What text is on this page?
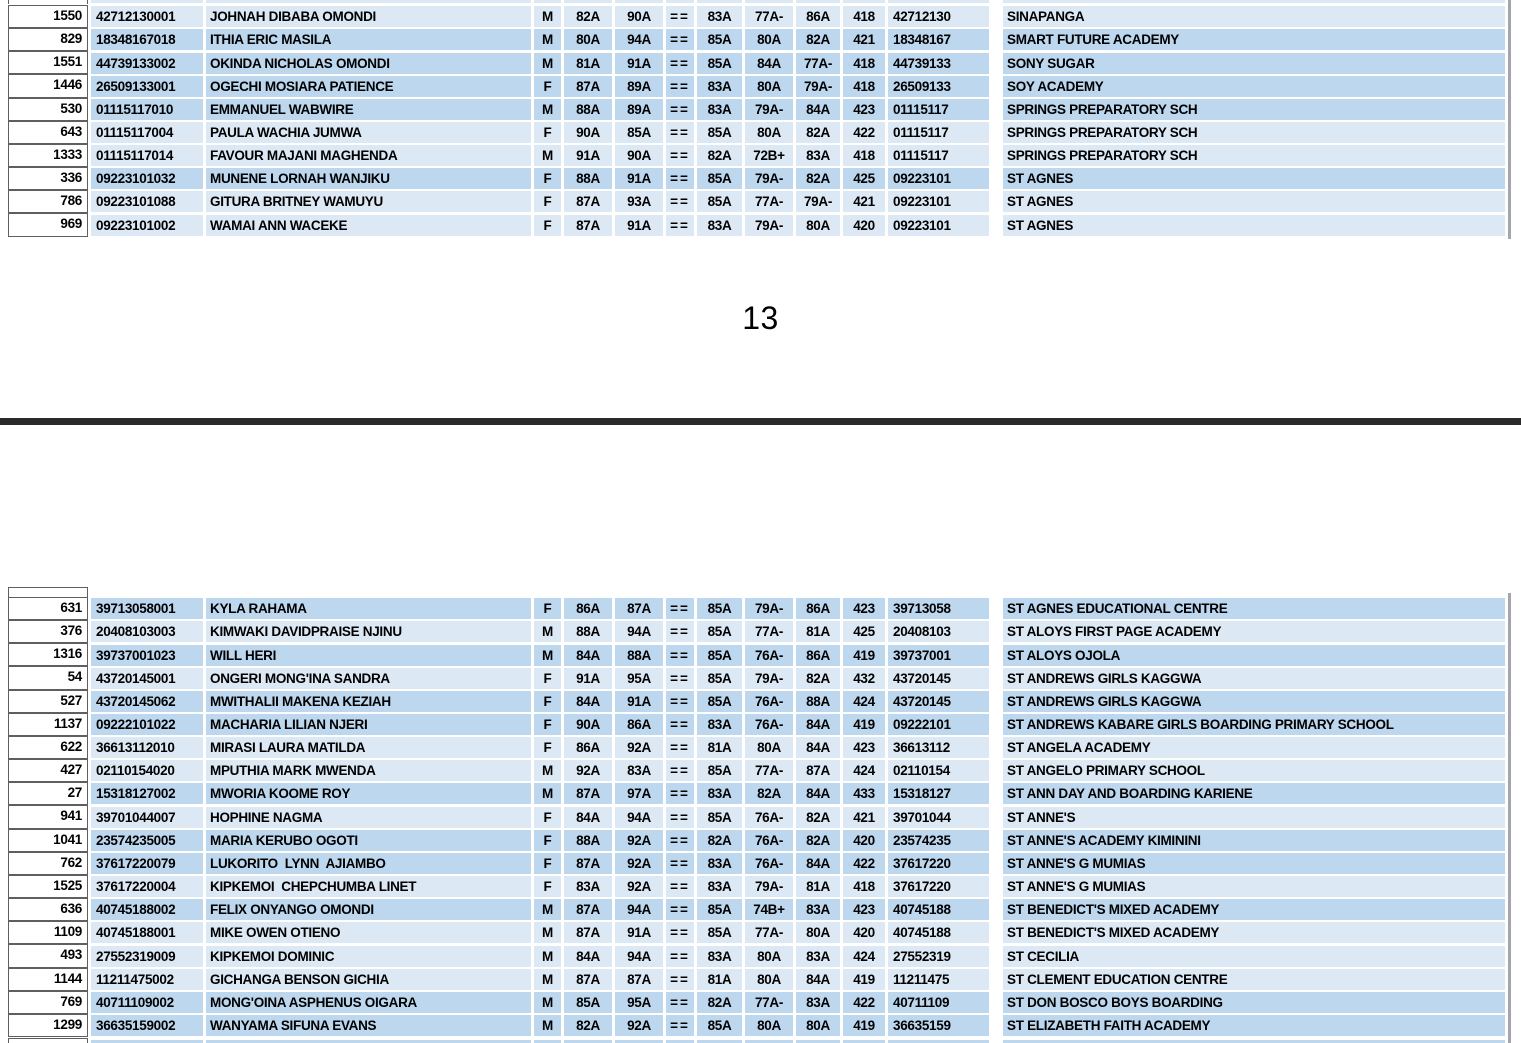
1550	42712130001	JOHNAH DIBABA OMONDI	M	82A	90A	==	83A	77A-	86A	418	42712130	SINAPANGA
829	18348167018	ITHIA ERIC MASILA	M	80A	94A	==	85A	80A	82A	421	18348167	SMART FUTURE ACADEMY
1551	44739133002	OKINDA NICHOLAS OMONDI	M	81A	91A	==	85A	84A	77A-	418	44739133	SONY SUGAR
1446	26509133001	OGECHI MOSIARA PATIENCE	F	87A	89A	==	83A	80A	79A-	418	26509133	SOY ACADEMY
530	01115117010	EMMANUEL WABWIRE	M	88A	89A	==	83A	79A-	84A	423	01115117	SPRINGS PREPARATORY SCH
643	01115117004	PAULA WACHIA JUMWA	F	90A	85A	==	85A	80A	82A	422	01115117	SPRINGS PREPARATORY SCH
1333	01115117014	FAVOUR MAJANI MAGHENDA	M	91A	90A	==	82A	72B+	83A	418	01115117	SPRINGS PREPARATORY SCH
336	09223101032	MUNENE LORNAH WANJIKU	F	88A	91A	==	85A	79A-	82A	425	09223101	ST AGNES
786	09223101088	GITURA BRITNEY WAMUYU	F	87A	93A	==	85A	77A-	79A-	421	09223101	ST AGNES
969	09223101002	WAMAI ANN WACEKE	F	87A	91A	==	83A	79A-	80A	420	09223101	ST AGNES
13
631	39713058001	KYLA RAHAMA	F	86A	87A	==	85A	79A-	86A	423	39713058	ST AGNES EDUCATIONAL CENTRE
376	20408103003	KIMWAKI DAVIDPRAISE NJINU	M	88A	94A	==	85A	77A-	81A	425	20408103	ST ALOYS FIRST PAGE ACADEMY
1316	39737001023	WILL HERI	M	84A	88A	==	85A	76A-	86A	419	39737001	ST ALOYS OJOLA
54	43720145001	ONGERI MONG'INA SANDRA	F	91A	95A	==	85A	79A-	82A	432	43720145	ST ANDREWS GIRLS KAGGWA
527	43720145062	MWITHALII MAKENA KEZIAH	F	84A	91A	==	85A	76A-	88A	424	43720145	ST ANDREWS GIRLS KAGGWA
1137	09222101022	MACHARIA LILIAN NJERI	F	90A	86A	==	83A	76A-	84A	419	09222101	ST ANDREWS KABARE GIRLS BOARDING PRIMARY SCHOOL
622	36613112010	MIRASI LAURA MATILDA	F	86A	92A	==	81A	80A	84A	423	36613112	ST ANGELA ACADEMY
427	02110154020	MPUTHIA MARK MWENDA	M	92A	83A	==	85A	77A-	87A	424	02110154	ST ANGELO PRIMARY SCHOOL
27	15318127002	MWORIA KOOME ROY	M	87A	97A	==	83A	82A	84A	433	15318127	ST ANN DAY AND BOARDING KARIENE
941	39701044007	HOPHINE NAGMA	F	84A	94A	==	85A	76A-	82A	421	39701044	ST ANNE'S
1041	23574235005	MARIA KERUBO OGOTI	F	88A	92A	==	82A	76A-	82A	420	23574235	ST ANNE'S ACADEMY KIMININI
762	37617220079	LUKORITO  LYNN  AJIAMBO	F	87A	92A	==	83A	76A-	84A	422	37617220	ST ANNE'S G MUMIAS
1525	37617220004	KIPKEMOI  CHEPCHUMBA LINET	F	83A	92A	==	83A	79A-	81A	418	37617220	ST ANNE'S G MUMIAS
636	40745188002	FELIX ONYANGO OMONDI	M	87A	94A	==	85A	74B+	83A	423	40745188	ST BENEDICT'S MIXED ACADEMY
1109	40745188001	MIKE OWEN OTIENO	M	87A	91A	==	85A	77A-	80A	420	40745188	ST BENEDICT'S MIXED ACADEMY
493	27552319009	KIPKEMOI DOMINIC	M	84A	94A	==	83A	80A	83A	424	27552319	ST CECILIA
1144	11211475002	GICHANGA BENSON GICHIA	M	87A	87A	==	81A	80A	84A	419	11211475	ST CLEMENT EDUCATION CENTRE
769	40711109002	MONG'OINA ASPHENUS OIGARA	M	85A	95A	==	82A	77A-	83A	422	40711109	ST DON BOSCO BOYS BOARDING
1299	36635159002	WANYAMA SIFUNA EVANS	M	82A	92A	==	85A	80A	80A	419	36635159	ST ELIZABETH FAITH ACADEMY
